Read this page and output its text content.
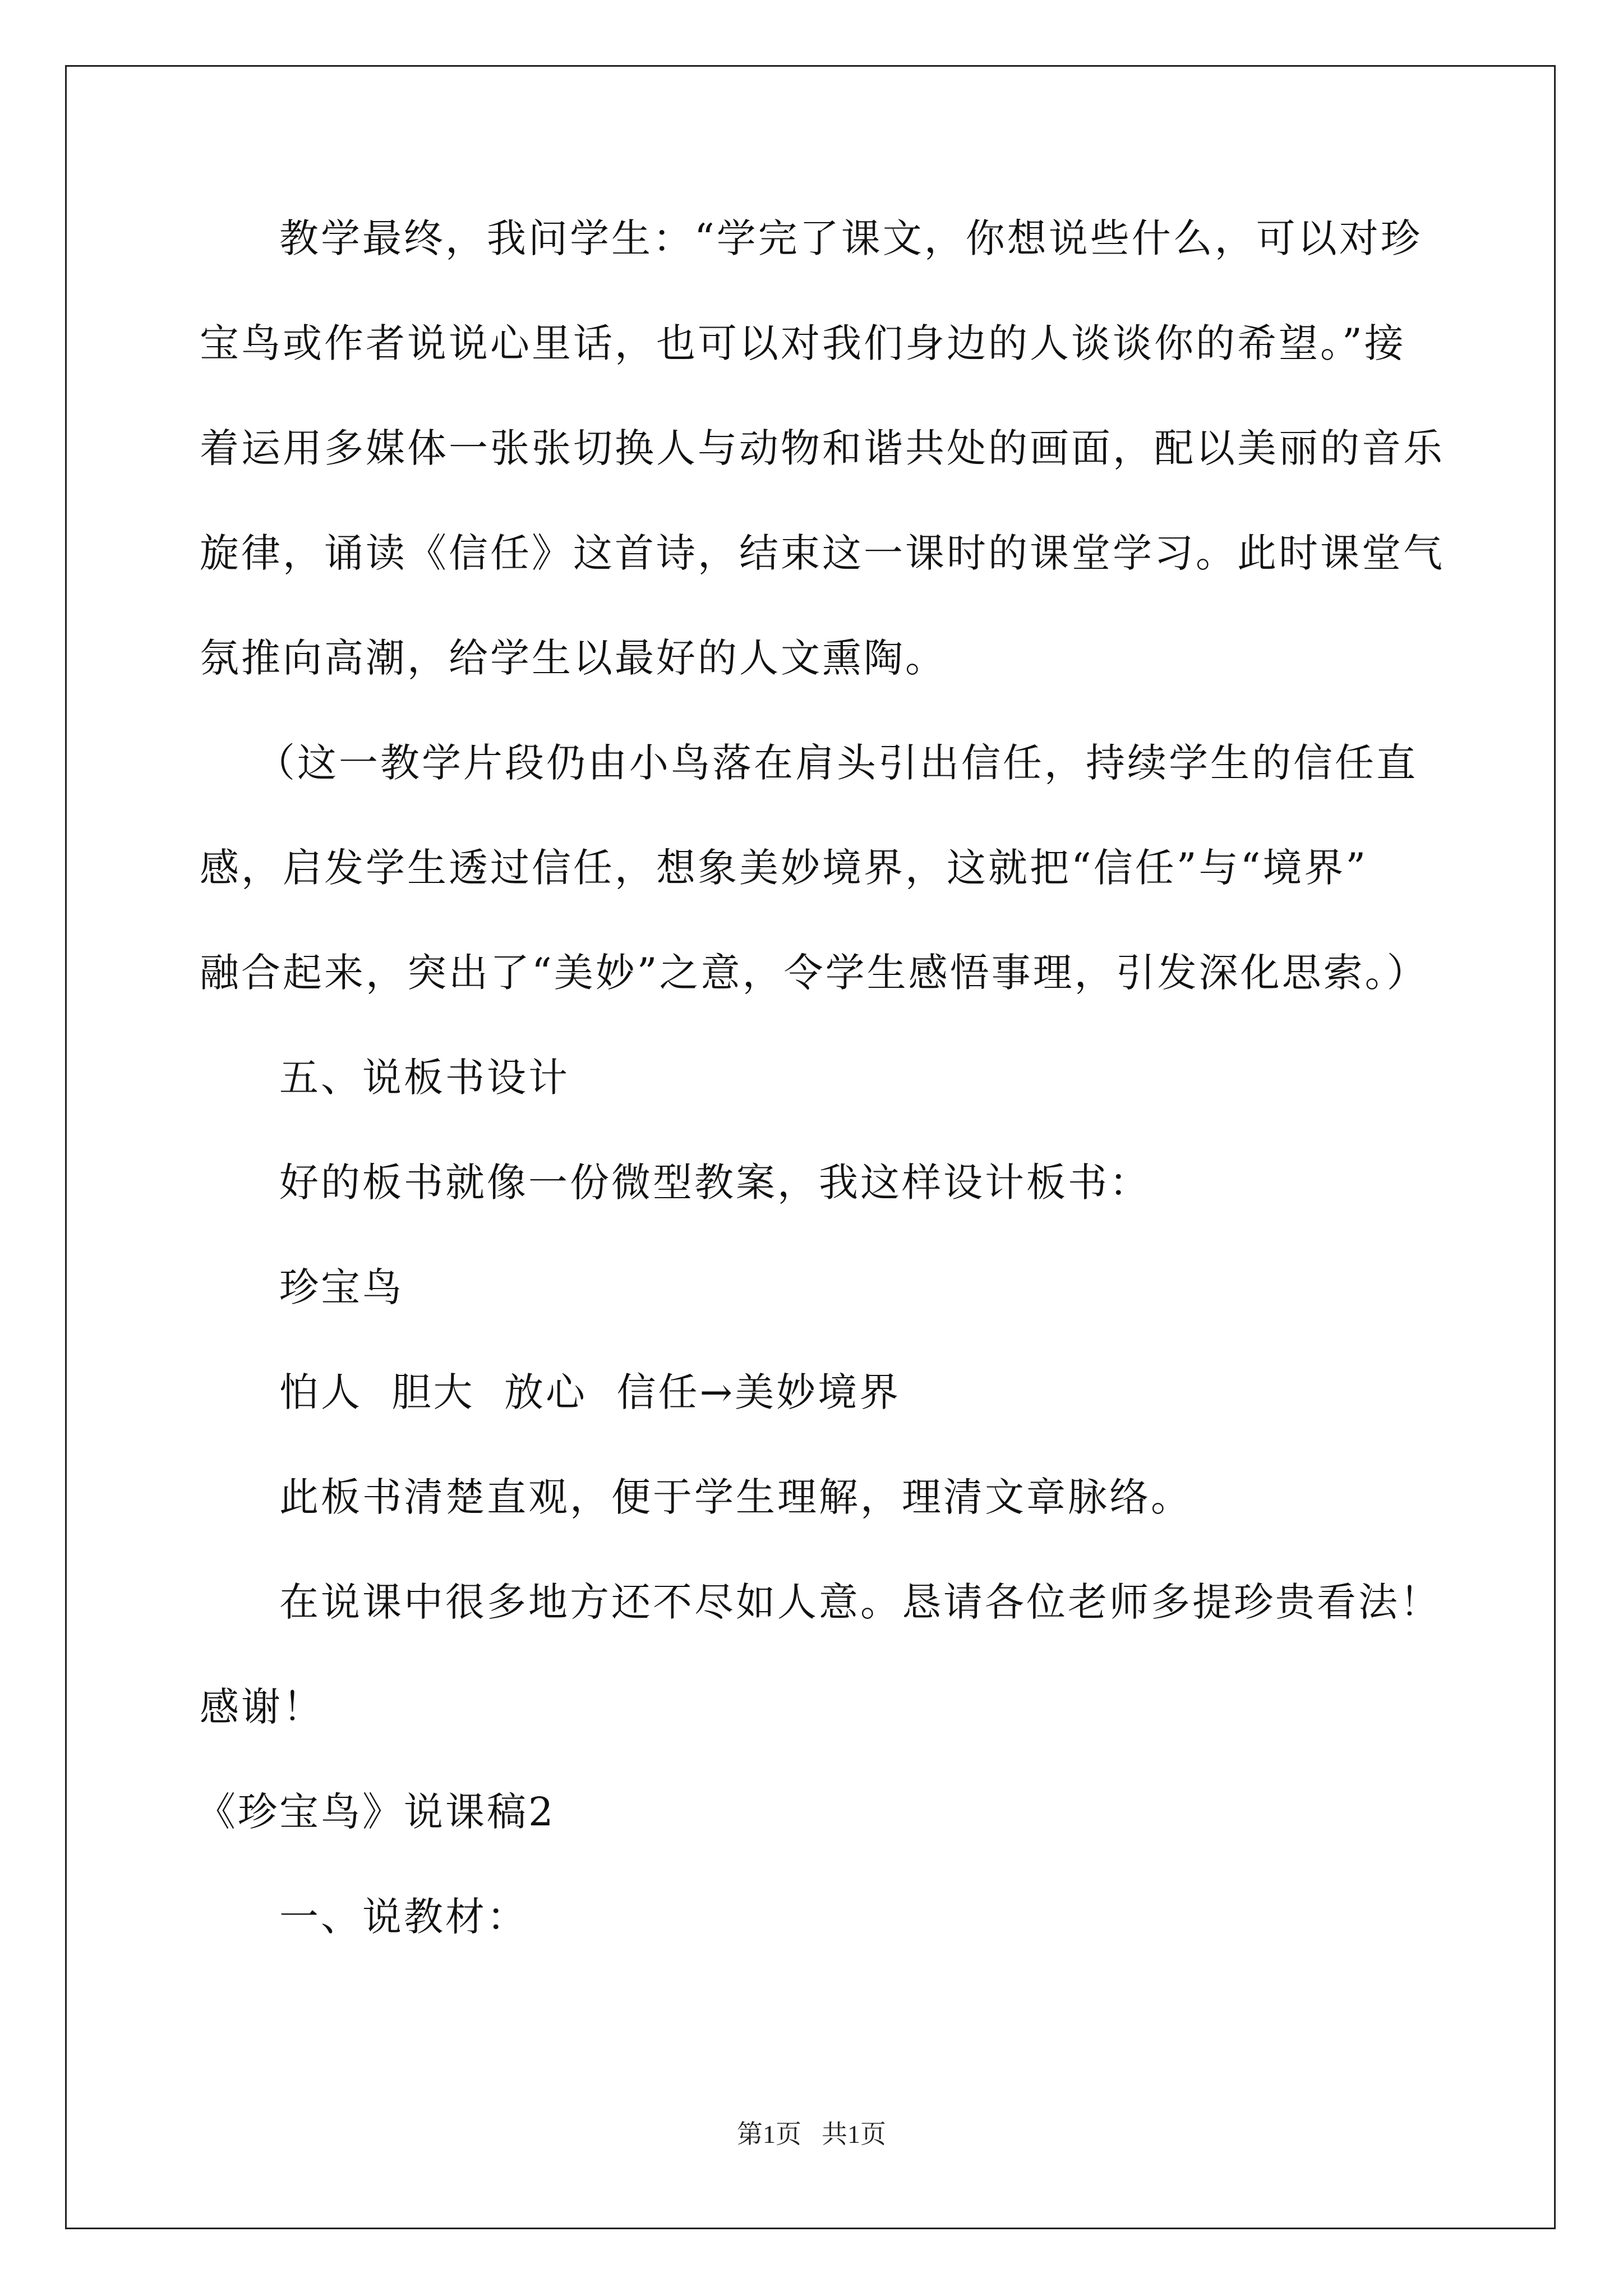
教学最终，我问学生：“学完了课文，你想说些什么，可以对珍
宝鸟或作者说说心里话，也可以对我们身边的人谈谈你的希望。”接
着运用多媒体一张张切换人与动物和谐共处的画面，配以美丽的音乐
旋律，诵读《信任》这首诗，结束这一课时的课堂学习。此时课堂气
氛推向高潮，给学生以最好的人文熏陶。
（这一教学片段仍由小鸟落在肩头引出信任，持续学生的信任直
感，启发学生透过信任，想象美妙境界，这就把“信任”与“境界”
融合起来，突出了“美妙”之意，令学生感悟事理，引发深化思索。）
五、说板书设计
好的板书就像一份微型教案，我这样设计板书：
珍宝鸟
怕人  胆大  放心  信任→美妙境界
此板书清楚直观，便于学生理解，理清文章脉络。
在说课中很多地方还不尽如人意。恳请各位老师多提珍贵看法！
感谢！
《珍宝鸟》说课稿2
一、说教材：
第1页 共1页
